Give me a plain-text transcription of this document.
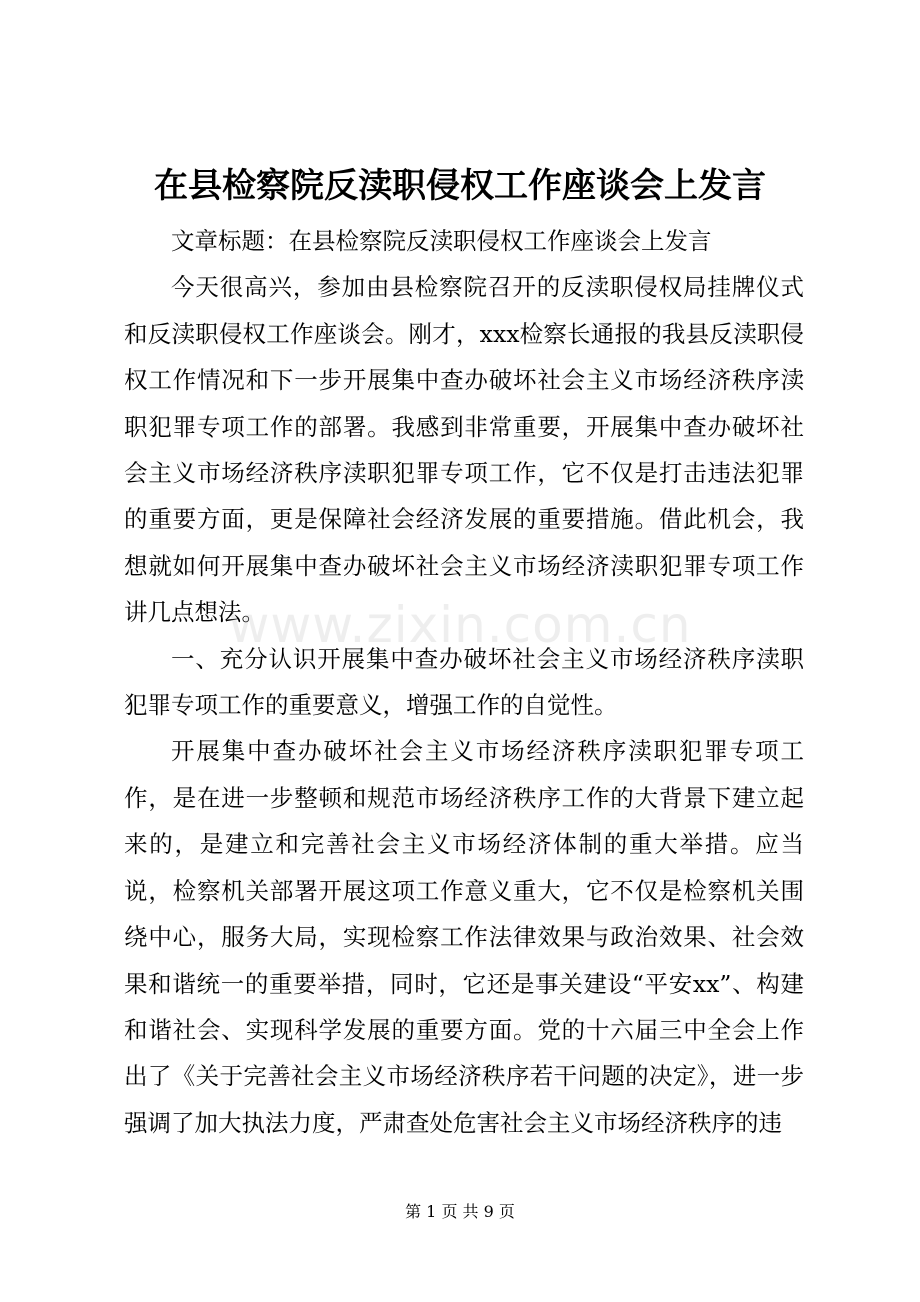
在县检察院反渎职侵权工作座谈会上发言

文章标题：在县检察院反渎职侵权工作座谈会上发言

今天很高兴，参加由县检察院召开的反渎职侵权局挂牌仪式和反渎职侵权工作座谈会。刚才，xxx检察长通报的我县反渎职侵权工作情况和下一步开展集中查办破坏社会主义市场经济秩序渎职犯罪专项工作的部署。我感到非常重要，开展集中查办破坏社会主义市场经济秩序渎职犯罪专项工作，它不仅是打击违法犯罪的重要方面，更是保障社会经济发展的重要措施。借此机会，我想就如何开展集中查办破坏社会主义市场经济渎职犯罪专项工作讲几点想法。

一、充分认识开展集中查办破坏社会主义市场经济秩序渎职犯罪专项工作的重要意义，增强工作的自觉性。

开展集中查办破坏社会主义市场经济秩序渎职犯罪专项工作，是在进一步整顿和规范市场经济秩序工作的大背景下建立起来的，是建立和完善社会主义市场经济体制的重大举措。应当说，检察机关部署开展这项工作意义重大，它不仅是检察机关围绕中心，服务大局，实现检察工作法律效果与政治效果、社会效果和谐统一的重要举措，同时，它还是事关建设“平安xx”、构建和谐社会、实现科学发展的重要方面。党的十六届三中全会上作出了《关于完善社会主义市场经济秩序若干问题的决定》，进一步强调了加大执法力度，严肃查处危害社会主义市场经济秩序的违

www.zixin.com.cn
第 1 页 共 9 页
